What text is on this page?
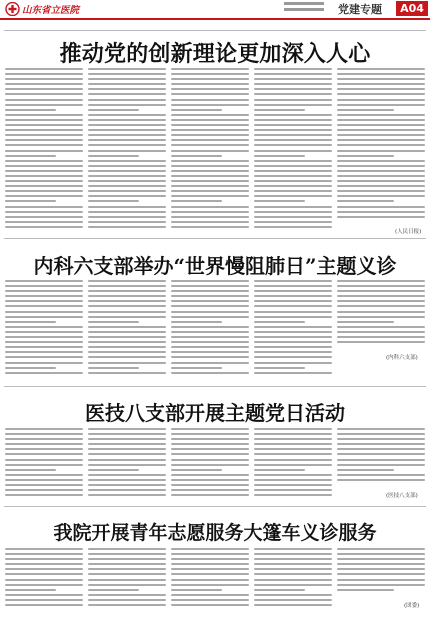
山东省立医院	党建专题	A04
推动党的创新理论更加深入人心
(人民日报)
内科六支部举办“世界慢阻肺日”主题义诊
(内科六支部)
医技八支部开展主题党日活动
(医技八支部)
我院开展青年志愿服务大篷车义诊服务
(团委)
